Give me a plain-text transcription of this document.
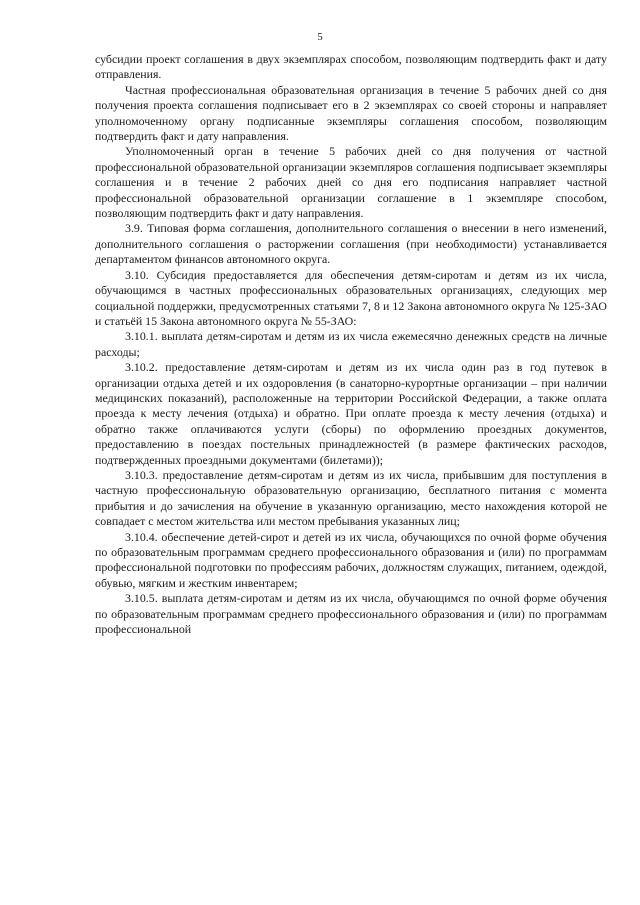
5

субсидии проект соглашения в двух экземплярах способом, позволяющим подтвердить факт и дату отправления.

Частная профессиональная образовательная организация в течение 5 рабочих дней со дня получения проекта соглашения подписывает его в 2 экземплярах со своей стороны и направляет уполномоченному органу подписанные экземпляры соглашения способом, позволяющим подтвердить факт и дату направления.

Уполномоченный орган в течение 5 рабочих дней со дня получения от частной профессиональной образовательной организации экземпляров соглашения подписывает экземпляры соглашения и в течение 2 рабочих дней со дня его подписания направляет частной профессиональной образовательной организации соглашение в 1 экземпляре способом, позволяющим подтвердить факт и дату направления.

3.9. Типовая форма соглашения, дополнительного соглашения о внесении в него изменений, дополнительного соглашения о расторжении соглашения (при необходимости) устанавливается департаментом финансов автономного округа.

3.10. Субсидия предоставляется для обеспечения детям-сиротам и детям из их числа, обучающимся в частных профессиональных образовательных организациях, следующих мер социальной поддержки, предусмотренных статьями 7, 8 и 12 Закона автономного округа № 125-ЗАО и статьёй 15 Закона автономного округа № 55-ЗАО:

3.10.1. выплата детям-сиротам и детям из их числа ежемесячно денежных средств на личные расходы;

3.10.2. предоставление детям-сиротам и детям из их числа один раз в год путевок в организации отдыха детей и их оздоровления (в санаторно-курортные организации – при наличии медицинских показаний), расположенные на территории Российской Федерации, а также оплата проезда к месту лечения (отдыха) и обратно. При оплате проезда к месту лечения (отдыха) и обратно также оплачиваются услуги (сборы) по оформлению проездных документов, предоставлению в поездах постельных принадлежностей (в размере фактических расходов, подтвержденных проездными документами (билетами));

3.10.3. предоставление детям-сиротам и детям из их числа, прибывшим для поступления в частную профессиональную образовательную организацию, бесплатного питания с момента прибытия и до зачисления на обучение в указанную организацию, место нахождения которой не совпадает с местом жительства или местом пребывания указанных лиц;

3.10.4. обеспечение детей-сирот и детей из их числа, обучающихся по очной форме обучения по образовательным программам среднего профессионального образования и (или) по программам профессиональной подготовки по профессиям рабочих, должностям служащих, питанием, одеждой, обувью, мягким и жестким инвентарем;

3.10.5. выплата детям-сиротам и детям из их числа, обучающимся по очной форме обучения по образовательным программам среднего профессионального образования и (или) по программам профессиональной
